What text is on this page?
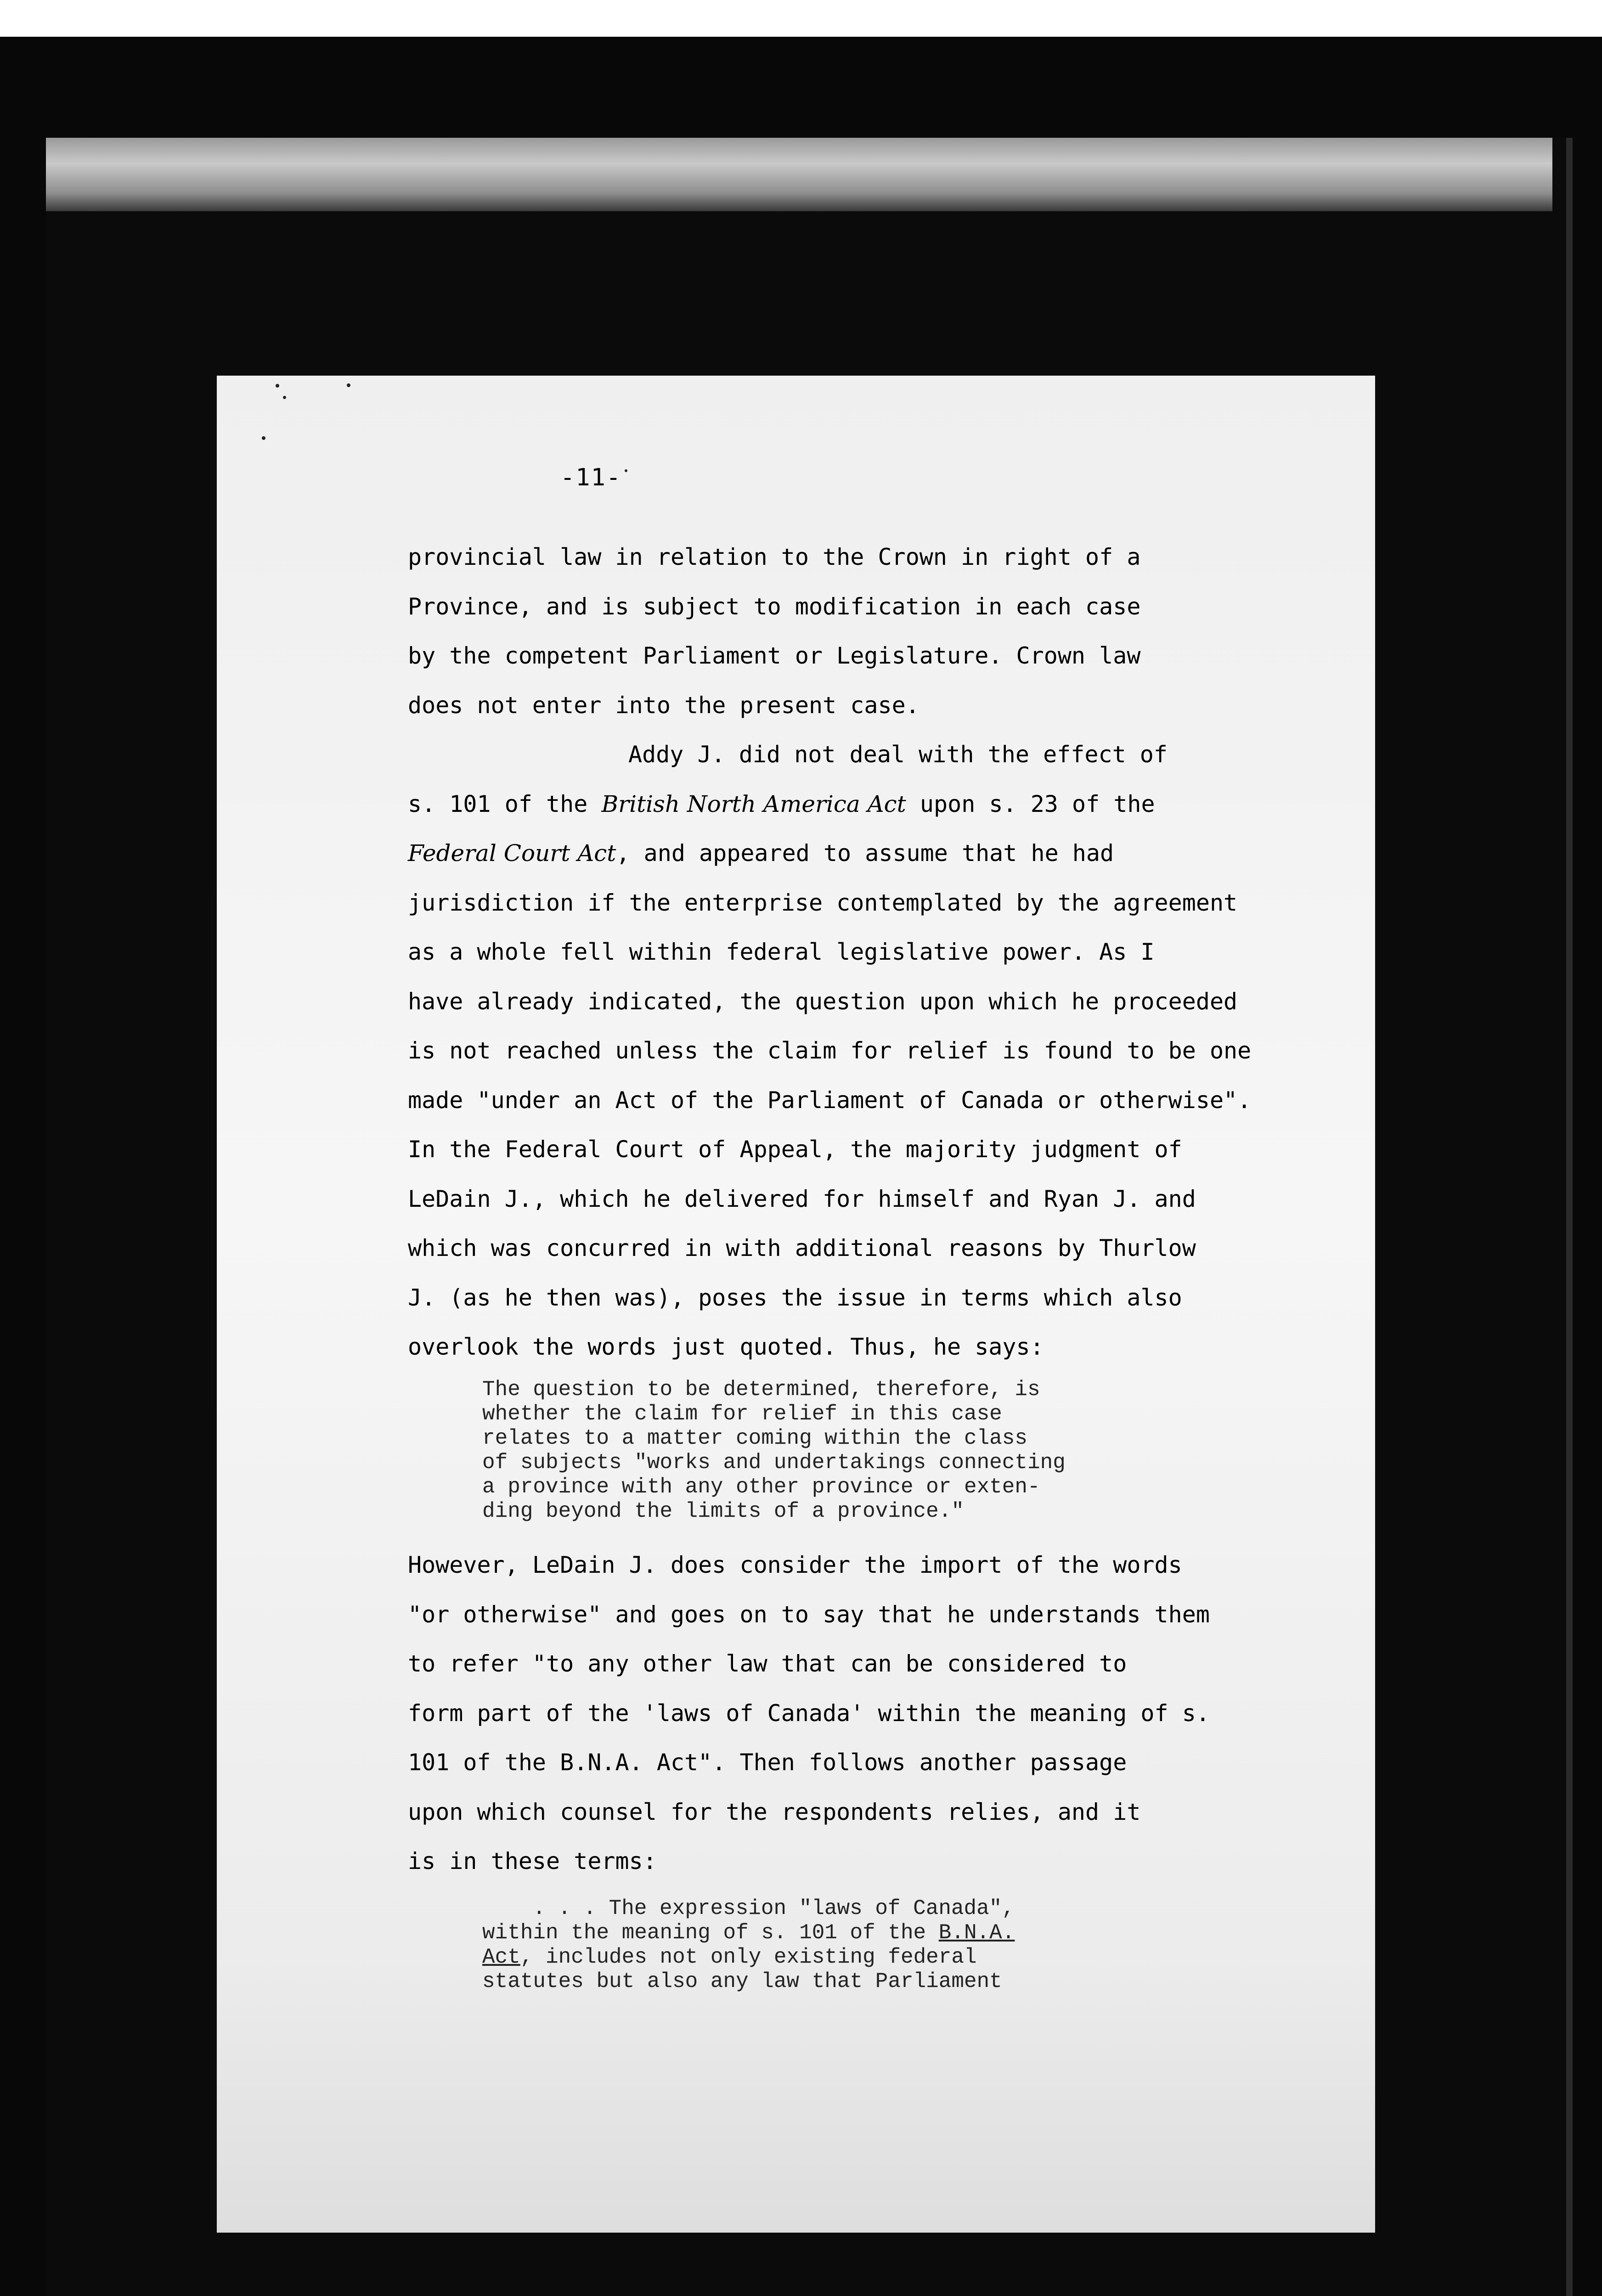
-11-
provincial law in relation to the Crown in right of a
Province, and is subject to modification in each case
by the competent Parliament or Legislature. Crown law
does not enter into the present case.
Addy J. did not deal with the effect of
s. 101 of the British North America Act upon s. 23 of the
Federal Court Act, and appeared to assume that he had
jurisdiction if the enterprise contemplated by the agreement
as a whole fell within federal legislative power. As I
have already indicated, the question upon which he proceeded
is not reached unless the claim for relief is found to be one
made "under an Act of the Parliament of Canada or otherwise".
In the Federal Court of Appeal, the majority judgment of
LeDain J., which he delivered for himself and Ryan J. and
which was concurred in with additional reasons by Thurlow
J. (as he then was), poses the issue in terms which also
overlook the words just quoted. Thus, he says:
The question to be determined, therefore, is
whether the claim for relief in this case
relates to a matter coming within the class
of subjects "works and undertakings connecting
a province with any other province or exten-
ding beyond the limits of a province."
However, LeDain J. does consider the import of the words
"or otherwise" and goes on to say that he understands them
to refer "to any other law that can be considered to
form part of the 'laws of Canada' within the meaning of s.
101 of the B.N.A. Act". Then follows another passage
upon which counsel for the respondents relies, and it
is in these terms:
. . . The expression "laws of Canada",
within the meaning of s. 101 of the B.N.A.
Act, includes not only existing federal
statutes but also any law that Parliament
